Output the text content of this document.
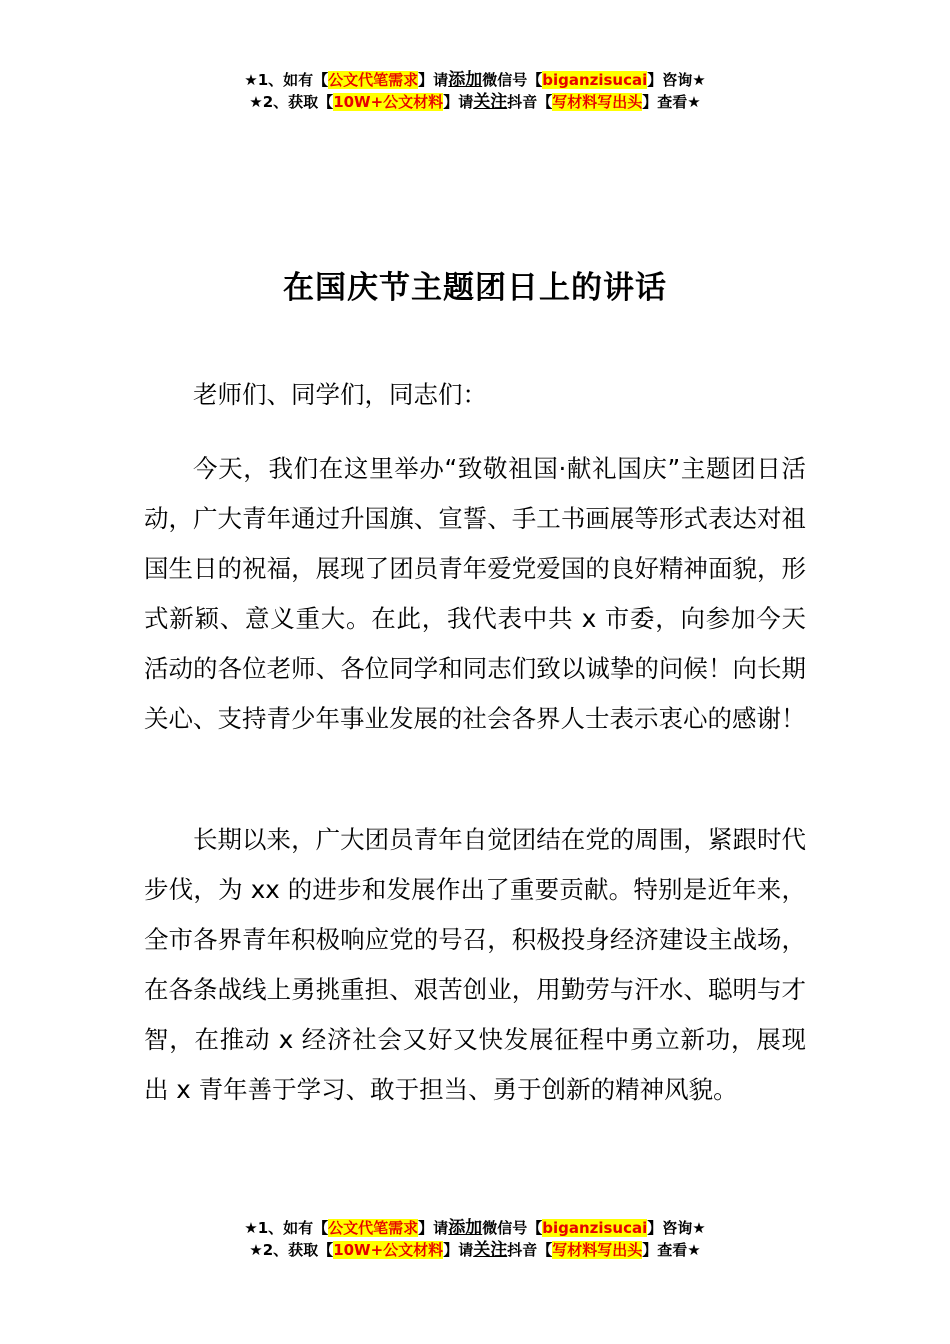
★1、如有【公文代笔需求】请添加微信号【biganzisucai】咨询★
★2、获取【10W+公文材料】请关注抖音【写材料写出头】查看★
在国庆节主题团日上的讲话
老师们、同学们，同志们：

今天，我们在这里举办“致敬祖国·献礼国庆”主题团日活动，广大青年通过升国旗、宣誓、手工书画展等形式表达对祖国生日的祝福，展现了团员青年爱党爱国的良好精神面貌，形式新颖、意义重大。在此，我代表中共 x 市委，向参加今天活动的各位老师、各位同学和同志们致以诚挚的问候！向长期关心、支持青少年事业发展的社会各界人士表示衷心的感谢！

长期以来，广大团员青年自觉团结在党的周围，紧跟时代步伐，为 xx 的进步和发展作出了重要贡献。特别是近年来，全市各界青年积极响应党的号召，积极投身经济建设主战场，在各条战线上勇挑重担、艰苦创业，用勤劳与汗水、聪明与才智，在推动 x 经济社会又好又快发展征程中勇立新功，展现出 x 青年善于学习、敢于担当、勇于创新的精神风貌。

★1、如有【公文代笔需求】请添加微信号【biganzisucai】咨询★
★2、获取【10W+公文材料】请关注抖音【写材料写出头】查看★
